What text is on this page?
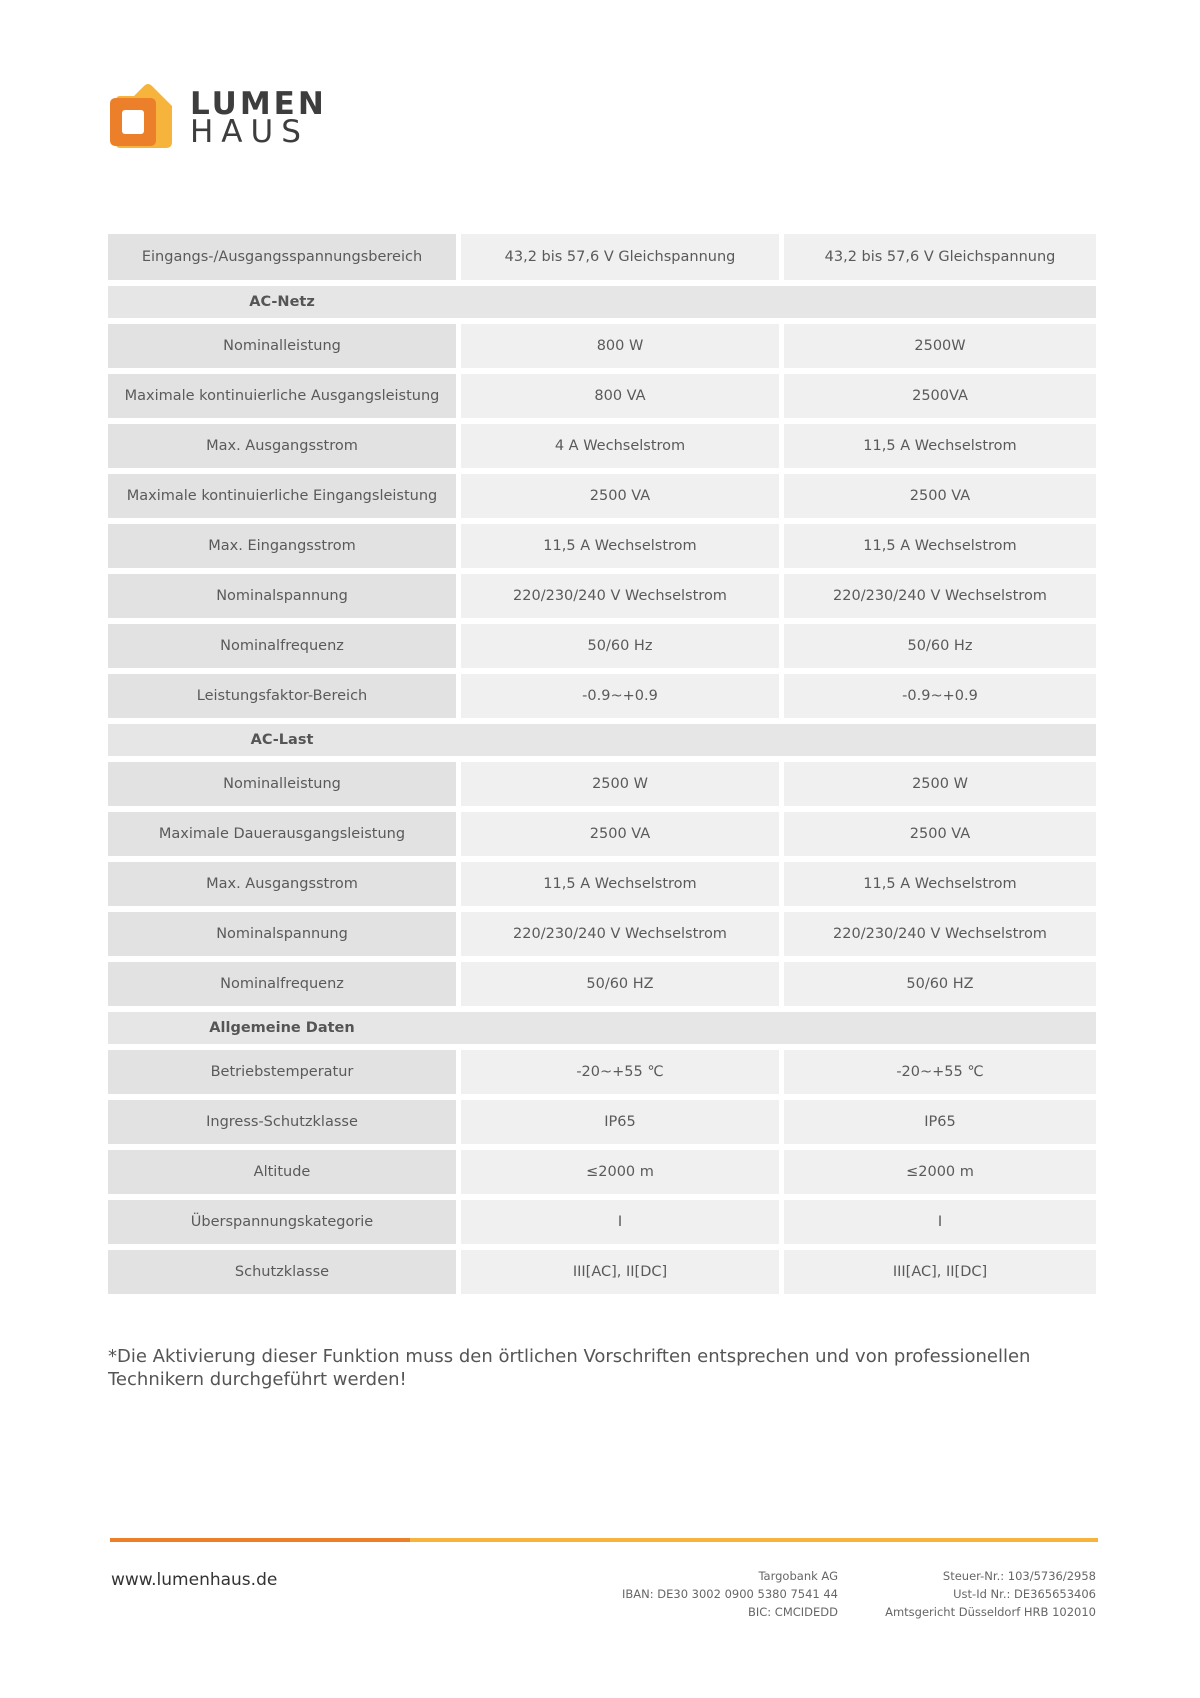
LUMEN
HAUS
Eingangs-/Ausgangsspannungsbereich	43,2 bis 57,6 V Gleichspannung	43,2 bis 57,6 V Gleichspannung
AC-Netz
Nominalleistung	800 W	2500W
Maximale kontinuierliche Ausgangsleistung	800 VA	2500VA
Max. Ausgangsstrom	4 A Wechselstrom	11,5 A Wechselstrom
Maximale kontinuierliche Eingangsleistung	2500 VA	2500 VA
Max. Eingangsstrom	11,5 A Wechselstrom	11,5 A Wechselstrom
Nominalspannung	220/230/240 V Wechselstrom	220/230/240 V Wechselstrom
Nominalfrequenz	50/60 Hz	50/60 Hz
Leistungsfaktor-Bereich	-0.9~+0.9	-0.9~+0.9
AC-Last
Nominalleistung	2500 W	2500 W
Maximale Dauerausgangsleistung	2500 VA	2500 VA
Max. Ausgangsstrom	11,5 A Wechselstrom	11,5 A Wechselstrom
Nominalspannung	220/230/240 V Wechselstrom	220/230/240 V Wechselstrom
Nominalfrequenz	50/60 HZ	50/60 HZ
Allgemeine Daten
Betriebstemperatur	-20~+55 ℃	-20~+55 ℃
Ingress-Schutzklasse	IP65	IP65
Altitude	≤2000 m	≤2000 m
Überspannungskategorie	I	I
Schutzklasse	III[AC], II[DC]	III[AC], II[DC]
*Die Aktivierung dieser Funktion muss den örtlichen Vorschriften entsprechen und von professionellen Technikern durchgeführt werden!
www.lumenhaus.de	Targobank AG
IBAN: DE30 3002 0900 5380 7541 44
BIC: CMCIDEDD
Steuer-Nr.: 103/5736/2958
Ust-Id Nr.: DE365653406
Amtsgericht Düsseldorf HRB 102010
